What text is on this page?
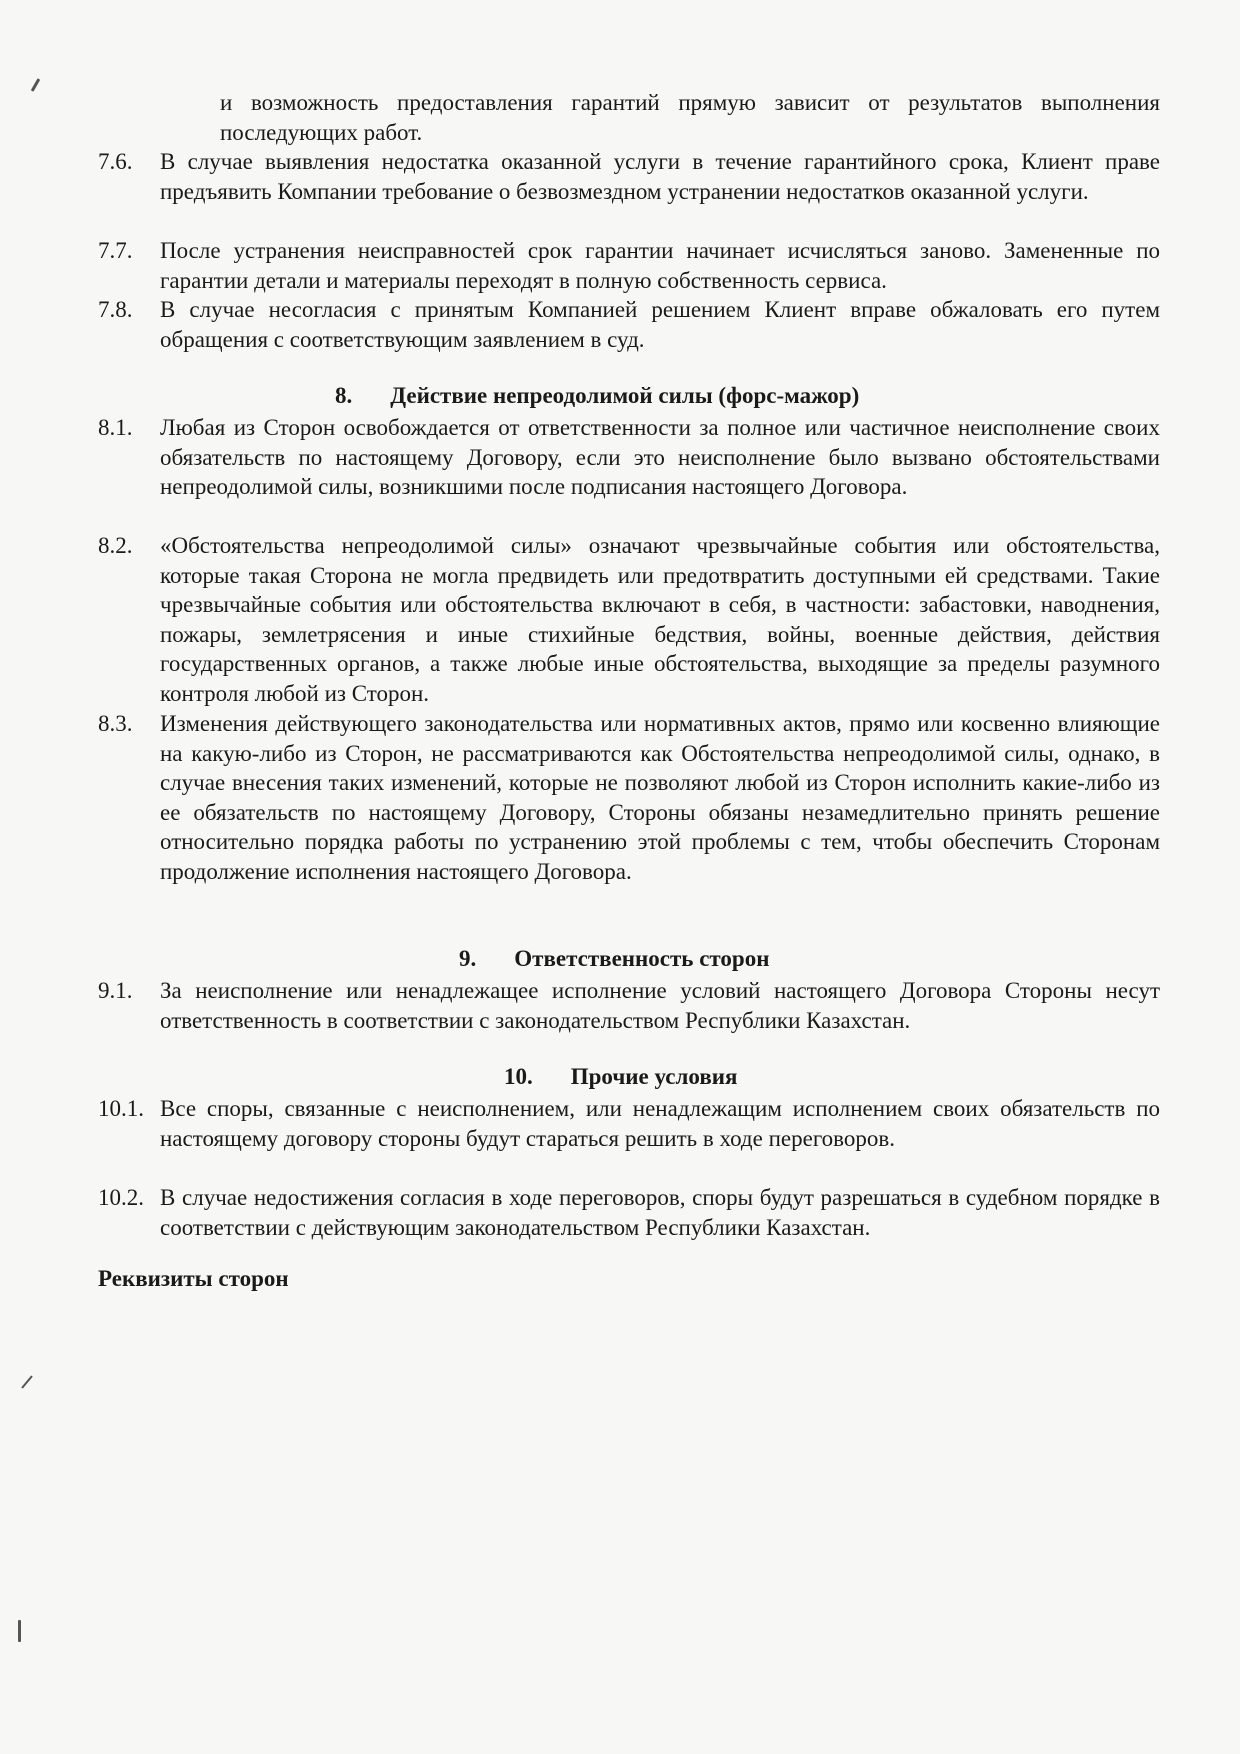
и возможность предоставления гарантий прямую зависит от результатов выполнения последующих работ.
7.6.	В случае выявления недостатка оказанной услуги в течение гарантийного срока, Клиент праве предъявить Компании требование о безвозмездном устранении недостатков оказанной услуги.
7.7.	После устранения неисправностей срок гарантии начинает исчисляться заново. Замененные по гарантии детали и материалы переходят в полную собственность сервиса.
7.8.	В случае несогласия с принятым Компанией решением Клиент вправе обжаловать его путем обращения с соответствующим заявлением в суд.
8. Действие непреодолимой силы (форс-мажор)
8.1.	Любая из Сторон освобождается от ответственности за полное или частичное неисполнение своих обязательств по настоящему Договору, если это неисполнение было вызвано обстоятельствами непреодолимой силы, возникшими после подписания настоящего Договора.
8.2.	«Обстоятельства непреодолимой силы» означают чрезвычайные события или обстоятельства, которые такая Сторона не могла предвидеть или предотвратить доступными ей средствами. Такие чрезвычайные события или обстоятельства включают в себя, в частности: забастовки, наводнения, пожары, землетрясения и иные стихийные бедствия, войны, военные действия, действия государственных органов, а также любые иные обстоятельства, выходящие за пределы разумного контроля любой из Сторон.
8.3.	Изменения действующего законодательства или нормативных актов, прямо или косвенно влияющие на какую-либо из Сторон, не рассматриваются как Обстоятельства непреодолимой силы, однако, в случае внесения таких изменений, которые не позволяют любой из Сторон исполнить какие-либо из ее обязательств по настоящему Договору, Стороны обязаны незамедлительно принять решение относительно порядка работы по устранению этой проблемы с тем, чтобы обеспечить Сторонам продолжение исполнения настоящего Договора.
9. Ответственность сторон
9.1.	За неисполнение или ненадлежащее исполнение условий настоящего Договора Стороны несут ответственность в соответствии с законодательством Республики Казахстан.
10. Прочие условия
10.1. Все споры, связанные с неисполнением, или ненадлежащим исполнением своих обязательств по настоящему договору стороны будут стараться решить в ходе переговоров.
10.2. В случае недостижения согласия в ходе переговоров, споры будут разрешаться в судебном порядке в соответствии с действующим законодательством Республики Казахстан.
Реквизиты сторон
